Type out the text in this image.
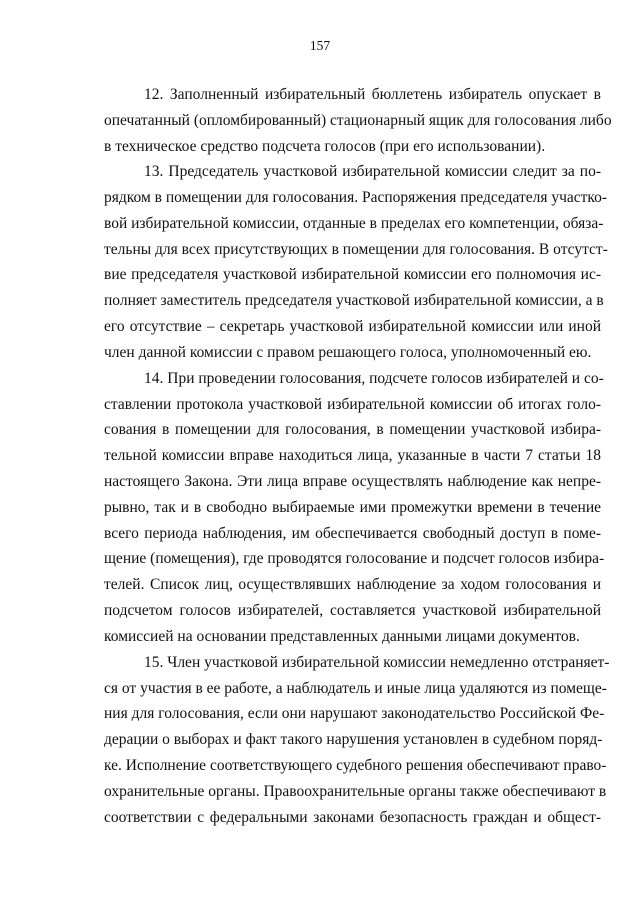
157
12. Заполненный избирательный бюллетень избиратель опускает в
опечатанный (опломбированный) стационарный ящик для голосования либо
в техническое средство подсчета голосов (при его использовании).
13. Председатель участковой избирательной комиссии следит за по-
рядком в помещении для голосования. Распоряжения председателя участко-
вой избирательной комиссии, отданные в пределах его компетенции, обяза-
тельны для всех присутствующих в помещении для голосования. В отсутст-
вие председателя участковой избирательной комиссии его полномочия ис-
полняет заместитель председателя участковой избирательной комиссии, а в
его отсутствие – секретарь участковой избирательной комиссии или иной
член данной комиссии с правом решающего голоса, уполномоченный ею.
14. При проведении голосования, подсчете голосов избирателей и со-
ставлении протокола участковой избирательной комиссии об итогах голо-
сования в помещении для голосования, в помещении участковой избира-
тельной комиссии вправе находиться лица, указанные в части 7 статьи 18
настоящего Закона. Эти лица вправе осуществлять наблюдение как непре-
рывно, так и в свободно выбираемые ими промежутки времени в течение
всего периода наблюдения, им обеспечивается свободный доступ в поме-
щение (помещения), где проводятся голосование и подсчет голосов избира-
телей. Список лиц, осуществлявших наблюдение за ходом голосования и
подсчетом голосов избирателей, составляется участковой избирательной
комиссией на основании представленных данными лицами документов.
15. Член участковой избирательной комиссии немедленно отстраняет-
ся от участия в ее работе, а наблюдатель и иные лица удаляются из помеще-
ния для голосования, если они нарушают законодательство Российской Фе-
дерации о выборах и факт такого нарушения установлен в судебном поряд-
ке. Исполнение соответствующего судебного решения обеспечивают право-
охранительные органы. Правоохранительные органы также обеспечивают в
соответствии с федеральными законами безопасность граждан и общест-
